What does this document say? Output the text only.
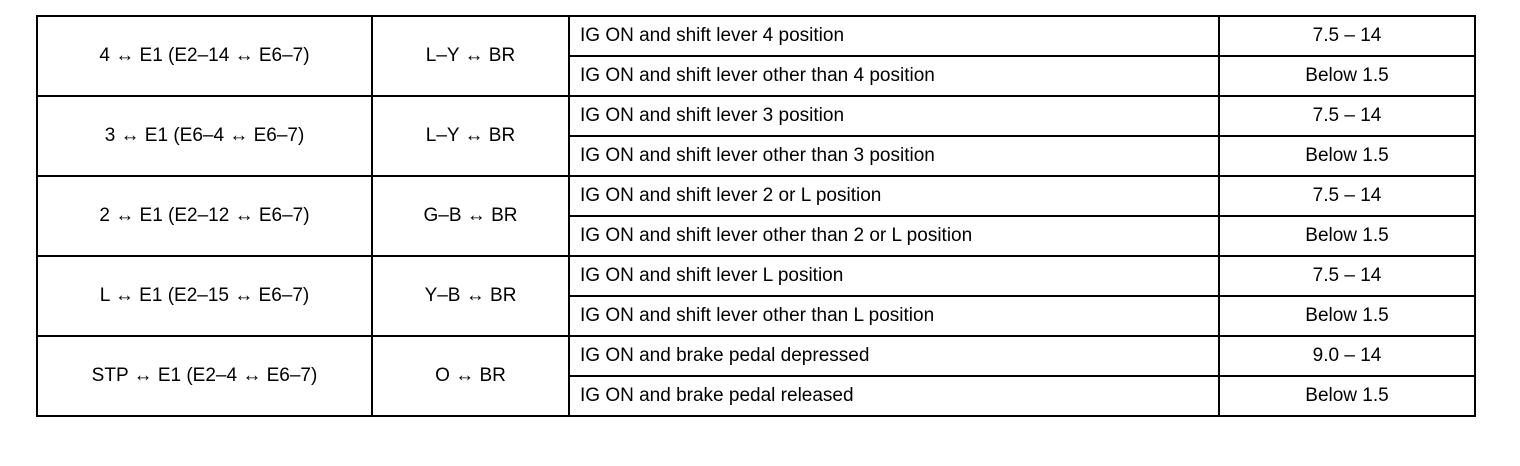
4 ↔ E1 (E2–14 ↔ E6–7)	L–Y ↔ BR	IG ON and shift lever 4 position	7.5 – 14
		IG ON and shift lever other than 4 position	Below 1.5
3 ↔ E1 (E6–4 ↔ E6–7)	L–Y ↔ BR	IG ON and shift lever 3 position	7.5 – 14
		IG ON and shift lever other than 3 position	Below 1.5
2 ↔ E1 (E2–12 ↔ E6–7)	G–B ↔ BR	IG ON and shift lever 2 or L position	7.5 – 14
		IG ON and shift lever other than 2 or L position	Below 1.5
L ↔ E1 (E2–15 ↔ E6–7)	Y–B ↔ BR	IG ON and shift lever L position	7.5 – 14
		IG ON and shift lever other than L position	Below 1.5
STP ↔ E1 (E2–4 ↔ E6–7)	O ↔ BR	IG ON and brake pedal depressed	9.0 – 14
		IG ON and brake pedal released	Below 1.5
